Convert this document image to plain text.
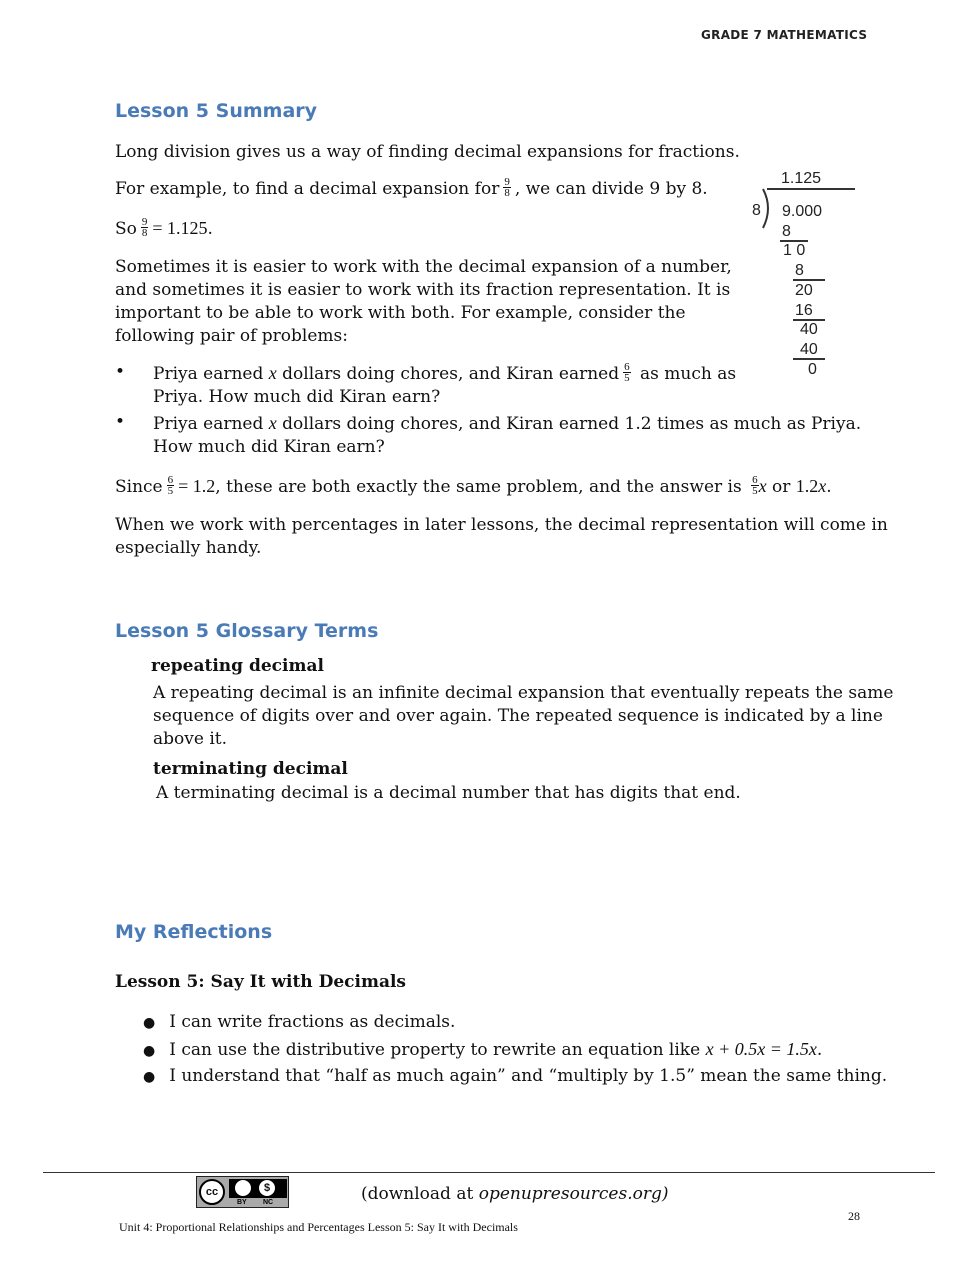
GRADE 7 MATHEMATICS
Lesson 5 Summary

Long division gives us a way of finding decimal expansions for fractions.

For example, to find a decimal expansion for $\frac{9}{8}$ , we can divide 9 by 8.

So $\frac{9}{8} = 1.125$.

Sometimes it is easier to work with the decimal expansion of a number,

and sometimes it is easier to work with its fraction representation. It is

important to be able to work with both. For example, consider the

following pair of problems:

• Priya earned x dollars doing chores, and Kiran earned $\frac{6}{5}$ as much as

Priya. How much did Kiran earn?

• Priya earned x dollars doing chores, and Kiran earned 1.2 times as much as Priya.

How much did Kiran earn?

Since $\frac{6}{5} = 1.2$, these are both exactly the same problem, and the answer is $\frac{6}{5}$ x or 1.2x.

When we work with percentages in later lessons, the decimal representation will come in

especially handy.

1.125
8 9.000
8
1 0
8
20
16
40
40
0
Lesson 5 Glossary Terms
repeating decimal

A repeating decimal is an infinite decimal expansion that eventually repeats the same

sequence of digits over and over again. The repeated sequence is indicated by a line

above it.

terminating decimal

A terminating decimal is a decimal number that has digits that end.

My Reflections
Lesson 5: Say It with Decimals

● I can write fractions as decimals.

● I can use the distributive property to rewrite an equation like x + 0.5x = 1.5x.

● I understand that “half as much again” and “multiply by 1.5” mean the same thing.

cc	$
BY NC	(download at openupresources.org)
28
Unit 4: Proportional Relationships and Percentages Lesson 5: Say It with Decimals
